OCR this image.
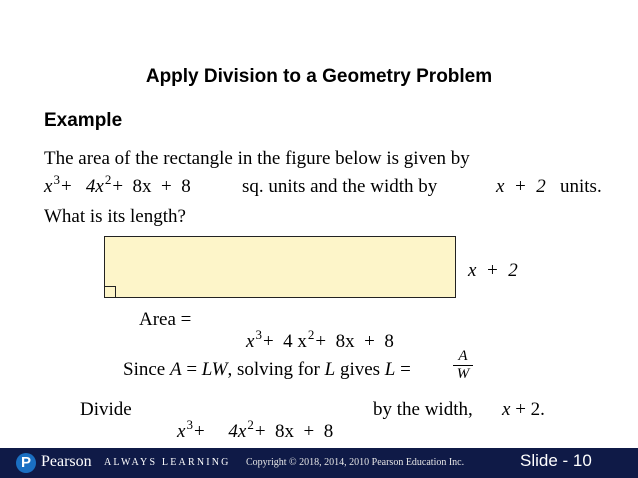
Apply Division to a Geometry Problem
Example
The area of the rectangle in the figure below is given by
$x^3+ 4x^2+ 8x + 8$	sq. units and the width by	x  +  2 units.
What is its length?
x  +  2
Area =

$x^3+ 4$ $x^2+ 8x + 8$

Since A = LW, solving for L gives L =
A
W
Divide

$x^3+ 4x^2+ 8x + 8$

by the width, x + 2.
P Pearson ALWAYS LEARNING Copyright © 2018, 2014, 2010 Pearson Education Inc.	Slide - 10
